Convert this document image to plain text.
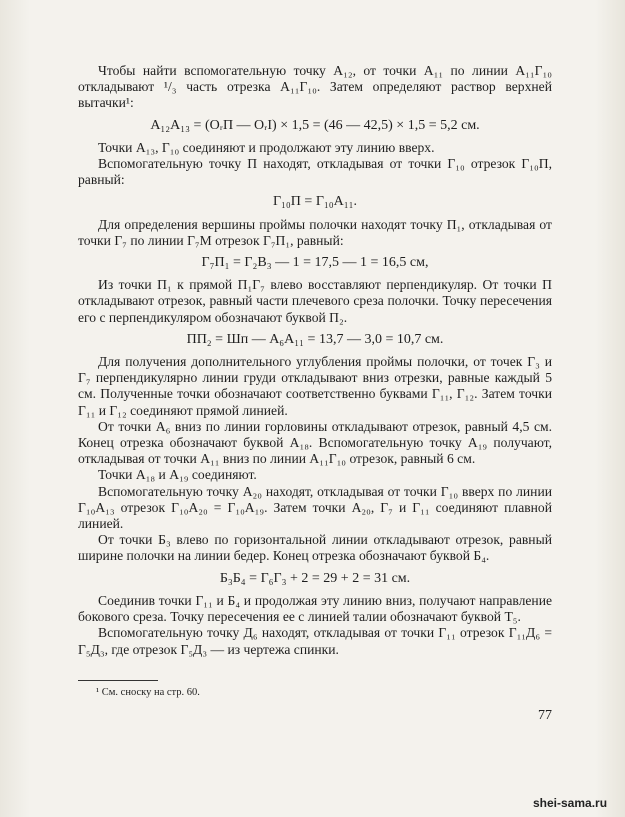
Чтобы найти вспомогательную точку A₁₂, от точки A₁₁ по линии A₁₁Г₁₀ откладывают ¹/₃ часть отрезка A₁₁Г₁₀. Затем определяют раствор верхней вытачки¹:

A₁₂A₁₃ = (OᵣП — OᵣI) × 1,5 = (46 — 42,5) × 1,5 = 5,2 см.

Точки A₁₃, Г₁₀ соединяют и продолжают эту линию вверх.

Вспомогательную точку П находят, откладывая от точки Г₁₀ отрезок Г₁₀П, равный:

Г₁₀П = Г₁₀A₁₁.

Для определения вершины проймы полочки находят точку П₁, откладывая от точки Г₇ по линии Г₇М отрезок Г₇П₁, равный:

Г₇П₁ = Г₂В₃ — 1 = 17,5 — 1 = 16,5 см,

Из точки П₁ к прямой П₁Г₇ влево восставляют перпендикуляр. От точки П откладывают отрезок, равный части плечевого среза полочки. Точку пересечения его с перпендикуляром обозначают буквой П₂.

ПП₂ = Шп — A₆A₁₁ = 13,7 — 3,0 = 10,7 см.

Для получения дополнительного углубления проймы полочки, от точек Г₃ и Г₇ перпендикулярно линии груди откладывают вниз отрезки, равные каждый 5 см. Полученные точки обозначают соответственно буквами Г₁₁, Г₁₂. Затем точки Г₁₁ и Г₁₂ соединяют прямой линией.

От точки A₆ вниз по линии горловины откладывают отрезок, равный 4,5 см. Конец отрезка обозначают буквой A₁₈. Вспомогательную точку A₁₉ получают, откладывая от точки A₁₁ вниз по линии A₁₁Г₁₀ отрезок, равный 6 см.

Точки A₁₈ и A₁₉ соединяют.

Вспомогательную точку A₂₀ находят, откладывая от точки Г₁₀ вверх по линии Г₁₀A₁₃ отрезок Г₁₀A₂₀ = Г₁₀A₁₉. Затем точки A₂₀, Г₇ и Г₁₁ соединяют плавной линией.

От точки Б₃ влево по горизонтальной линии откладывают отрезок, равный ширине полочки на линии бедер. Конец отрезка обозначают буквой Б₄.

Б₃Б₄ = Г₆Г₃ + 2 = 29 + 2 = 31 см.

Соединив точки Г₁₁ и Б₄ и продолжая эту линию вниз, получают направление бокового среза. Точку пересечения ее с линией талии обозначают буквой Т₅.

Вспомогательную точку Д₆ находят, откладывая от точки Г₁₁ отрезок Г₁₁Д₆ = Г₅Д₃, где отрезок Г₅Д₃ — из чертежа спинки.

¹ См. сноску на стр. 60.
77
shei-sama.ru
